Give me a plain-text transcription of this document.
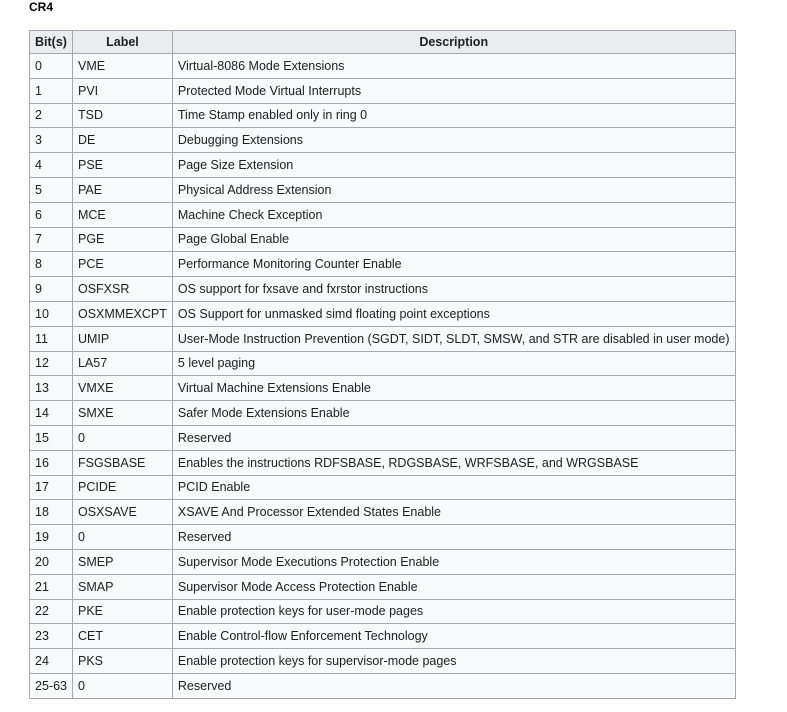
CR4
Bit(s)	Label	Description
0	VME	Virtual-8086 Mode Extensions
1	PVI	Protected Mode Virtual Interrupts
2	TSD	Time Stamp enabled only in ring 0
3	DE	Debugging Extensions
4	PSE	Page Size Extension
5	PAE	Physical Address Extension
6	MCE	Machine Check Exception
7	PGE	Page Global Enable
8	PCE	Performance Monitoring Counter Enable
9	OSFXSR	OS support for fxsave and fxrstor instructions
10	OSXMMEXCPT	OS Support for unmasked simd floating point exceptions
11	UMIP	User-Mode Instruction Prevention (SGDT, SIDT, SLDT, SMSW, and STR are disabled in user mode)
12	LA57	5 level paging
13	VMXE	Virtual Machine Extensions Enable
14	SMXE	Safer Mode Extensions Enable
15	0	Reserved
16	FSGSBASE	Enables the instructions RDFSBASE, RDGSBASE, WRFSBASE, and WRGSBASE
17	PCIDE	PCID Enable
18	OSXSAVE	XSAVE And Processor Extended States Enable
19	0	Reserved
20	SMEP	Supervisor Mode Executions Protection Enable
21	SMAP	Supervisor Mode Access Protection Enable
22	PKE	Enable protection keys for user-mode pages
23	CET	Enable Control-flow Enforcement Technology
24	PKS	Enable protection keys for supervisor-mode pages
25-63	0	Reserved
